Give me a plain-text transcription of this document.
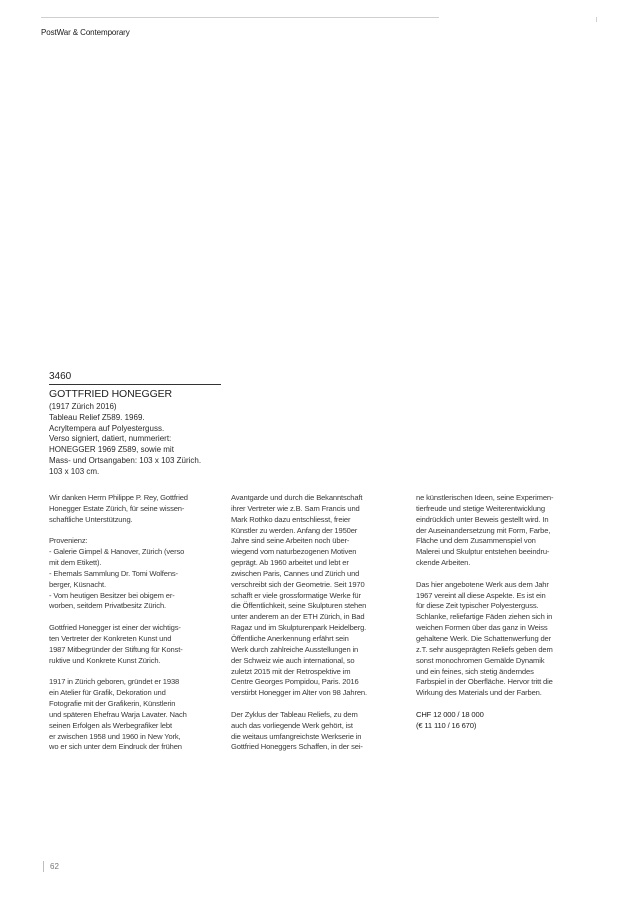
PostWar & Contemporary
3460
GOTTFRIED HONEGGER
(1917 Zürich 2016)
Tableau Relief Z589. 1969.
Acryltempera auf Polyesterguss.
Verso signiert, datiert, nummeriert:
HONEGGER 1969 Z589, sowie mit
Mass- und Ortsangaben: 103 x 103 Zürich.
103 x 103 cm.
Wir danken Herrn Philippe P. Rey, Gottfried
Honegger Estate Zürich, für seine wissen-
schaftliche Unterstützung.
Provenienz:
- Galerie Gimpel & Hanover, Zürich (verso
mit dem Etikett).
- Ehemals Sammlung Dr. Tomi Wolfens-
berger, Küsnacht.
- Vom heutigen Besitzer bei obigem er-
worben, seitdem Privatbesitz Zürich.
Gottfried Honegger ist einer der wichtigs-
ten Vertreter der Konkreten Kunst und
1987 Mitbegründer der Stiftung für Konst-
ruktive und Konkrete Kunst Zürich.
1917 in Zürich geboren, gründet er 1938
ein Atelier für Grafik, Dekoration und
Fotografie mit der Grafikerin, Künstlerin
und späteren Ehefrau Warja Lavater. Nach
seinen Erfolgen als Werbegrafiker lebt
er zwischen 1958 und 1960 in New York,
wo er sich unter dem Eindruck der frühen
Avantgarde und durch die Bekanntschaft
ihrer Vertreter wie z.B. Sam Francis und
Mark Rothko dazu entschliesst, freier
Künstler zu werden. Anfang der 1950er
Jahre sind seine Arbeiten noch über-
wiegend vom naturbezogenen Motiven
geprägt. Ab 1960 arbeitet und lebt er
zwischen Paris, Cannes und Zürich und
verschreibt sich der Geometrie. Seit 1970
schafft er viele grossformatige Werke für
die Öffentlichkeit, seine Skulpturen stehen
unter anderem an der ETH Zürich, in Bad
Ragaz und im Skulpturenpark Heidelberg.
Öffentliche Anerkennung erfährt sein
Werk durch zahlreiche Ausstellungen in
der Schweiz wie auch international, so
zuletzt 2015 mit der Retrospektive im
Centre Georges Pompidou, Paris. 2016
verstirbt Honegger im Alter von 98 Jahren.
Der Zyklus der Tableau Reliefs, zu dem
auch das vorliegende Werk gehört, ist
die weitaus umfangreichste Werkserie in
Gottfried Honeggers Schaffen, in der sei-
ne künstlerischen Ideen, seine Experimen-
tierfreude und stetige Weiterentwicklung
eindrücklich unter Beweis gestellt wird. In
der Auseinandersetzung mit Form, Farbe,
Fläche und dem Zusammenspiel von
Malerei und Skulptur entstehen beeindru-
ckende Arbeiten.
Das hier angebotene Werk aus dem Jahr
1967 vereint all diese Aspekte. Es ist ein
für diese Zeit typischer Polyesterguss.
Schlanke, reliefartige Fäden ziehen sich in
weichen Formen über das ganz in Weiss
gehaltene Werk. Die Schattenwerfung der
z.T. sehr ausgeprägten Reliefs geben dem
sonst monochromen Gemälde Dynamik
und ein feines, sich stetig änderndes
Farbspiel in der Oberfläche. Hervor tritt die
Wirkung des Materials und der Farben.
CHF 12 000 / 18 000
(€ 11 110 / 16 670)
62
